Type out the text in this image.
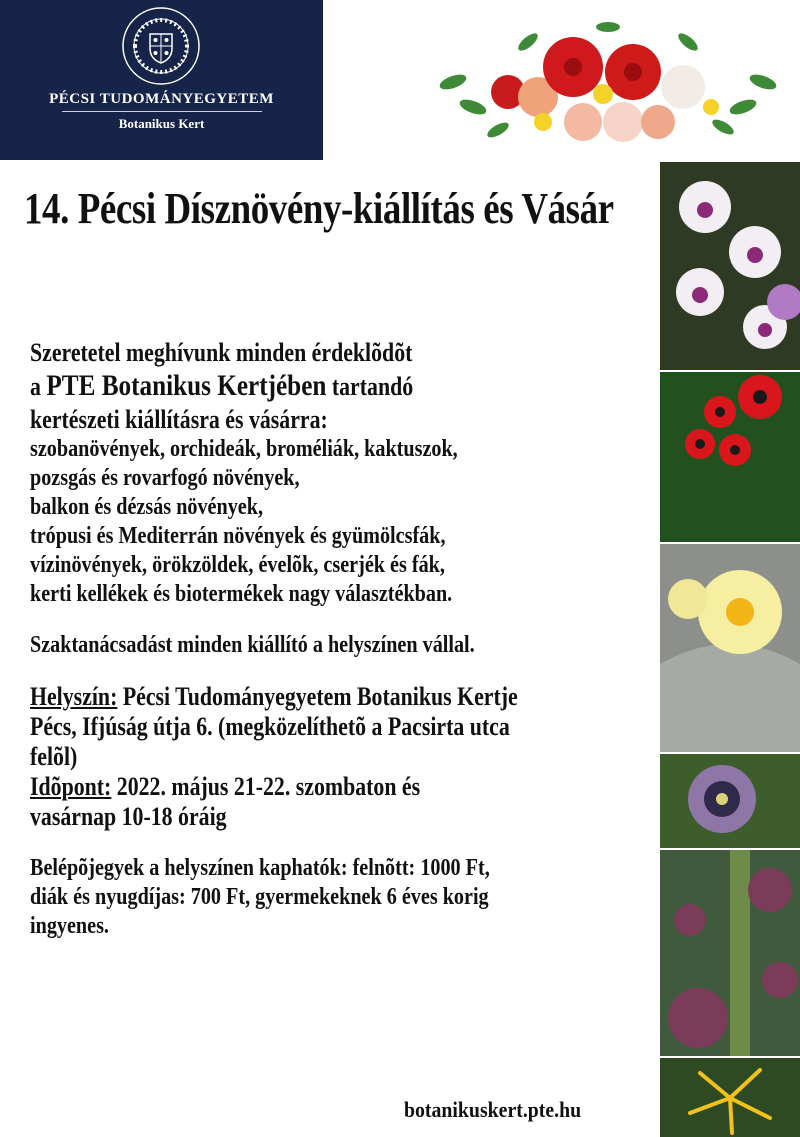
PÉCSI TUDOMÁNYEGYETEM
Botanikus Kert
14. Pécsi Dísznövény-kiállítás és Vásár
Szeretetel meghívunk minden érdeklõdõt
a PTE Botanikus Kertjében tartandó
kertészeti kiállításra és vásárra:
szobanövények, orchideák, broméliák, kaktuszok,
pozsgás és rovarfogó növények,
balkon és dézsás növények,
trópusi és Mediterrán növények és gyümölcsfák,
vízinövények, örökzöldek, évelõk, cserjék és fák,
kerti kellékek és biotermékek nagy választékban.
Szaktanácsadást minden kiállító a helyszínen vállal.
Helyszín: Pécsi Tudományegyetem Botanikus Kertje
Pécs, Ifjúság útja 6. (megközelíthetõ a Pacsirta utca
felõl)
Idõpont: 2022. május 21-22. szombaton és
vasárnap 10-18 óráig
Belépõjegyek a helyszínen kaphatók: felnõtt: 1000 Ft,
diák és nyugdíjas: 700 Ft, gyermekeknek 6 éves korig
ingyenes.
botanikuskert.pte.hu
